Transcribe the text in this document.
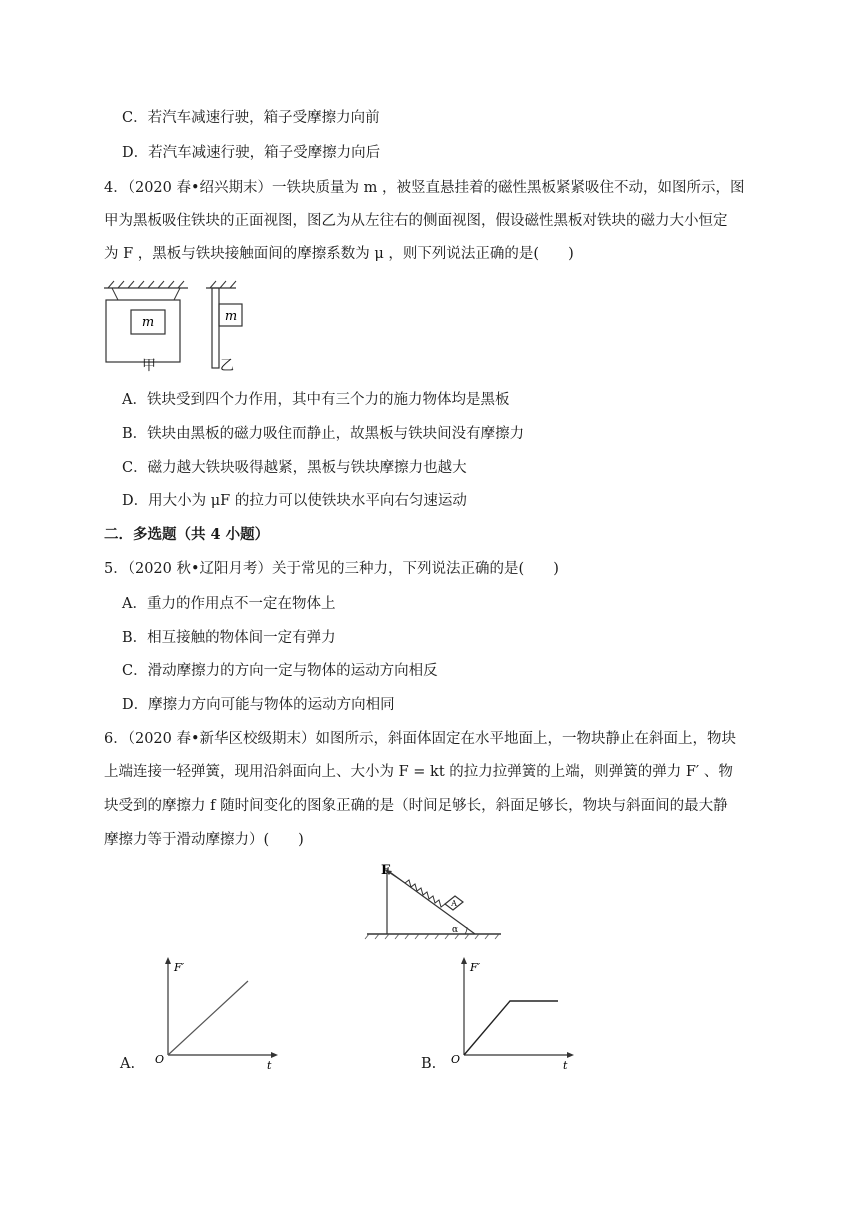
C．若汽车减速行驶，箱子受摩擦力向前
D．若汽车减速行驶，箱子受摩擦力向后
4．（2020 春•绍兴期末）一铁块质量为 m ，被竖直悬挂着的磁性黑板紧紧吸住不动，如图所示，图
甲为黑板吸住铁块的正面视图，图乙为从左往右的侧面视图，假设磁性黑板对铁块的磁力大小恒定
为 F ，黑板与铁块接触面间的摩擦系数为 μ ，则下列说法正确的是(　　)
m	m
甲	乙
A．铁块受到四个力作用，其中有三个力的施力物体均是黑板
B．铁块由黑板的磁力吸住而静止，故黑板与铁块间没有摩擦力
C．磁力越大铁块吸得越紧，黑板与铁块摩擦力也越大
D．用大小为 μF 的拉力可以使铁块水平向右匀速运动
二．多选题（共 4 小题）
5．（2020 秋•辽阳月考）关于常见的三种力，下列说法正确的是(　　)
A．重力的作用点不一定在物体上
B．相互接触的物体间一定有弹力
C．滑动摩擦力的方向一定与物体的运动方向相反
D．摩擦力方向可能与物体的运动方向相同
6．（2020 春•新华区校级期末）如图所示，斜面体固定在水平地面上，一物块静止在斜面上，物块
上端连接一轻弹簧，现用沿斜面向上、大小为 F = kt 的拉力拉弹簧的上端，则弹簧的弹力 F′ 、物
块受到的摩擦力 f 随时间变化的图象正确的是（时间足够长，斜面足够长，物块与斜面间的最大静
摩擦力等于滑动摩擦力）(　　)
F
A
α
F′
t
O
A.
F′
t
O
B.
